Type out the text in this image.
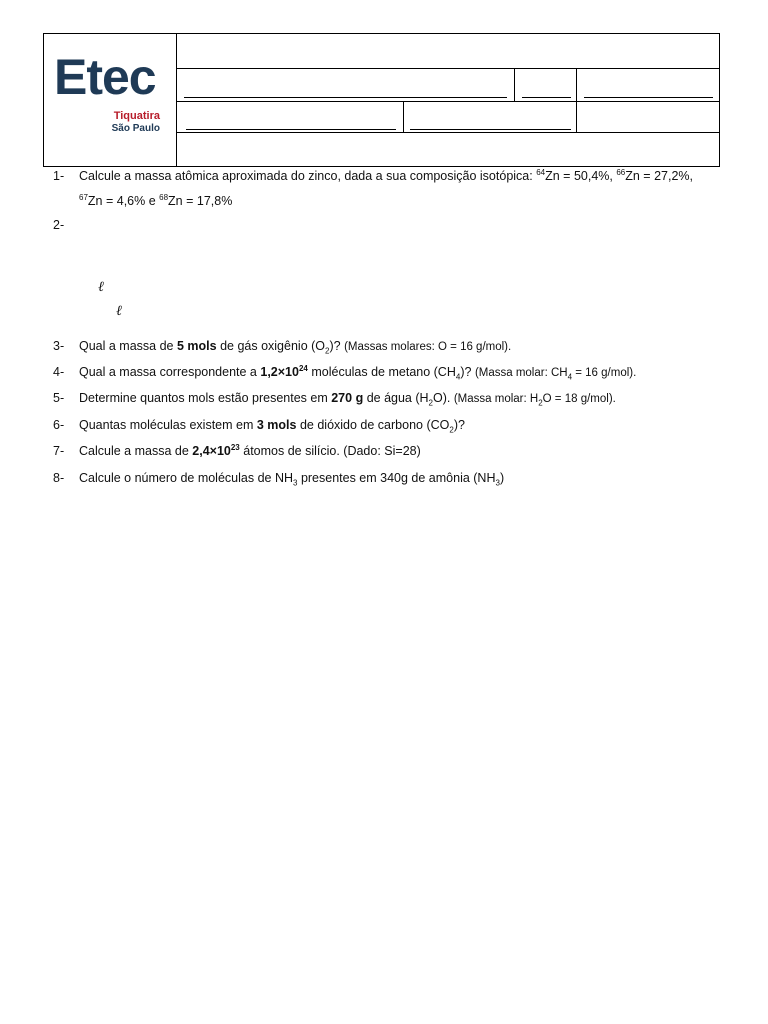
Etec
Tiquatira
São Paulo
1- Calcule a massa atômica aproximada do zinco, dada a sua composição isotópica: $^{64}$Zn = 50,4%, $^{66}$Zn = 27,2%,
$^{67}$Zn = 4,6% e $^{68}$Zn = 17,8%
2-
ℓ
ℓ
3- Qual a massa de 5 mols de gás oxigênio $(O_2)$? (Massas molares: O = 16 g/mol).
4- Qual a massa correspondente a $1,2\times 10^{24}$ moléculas de metano $(CH_4)$? (Massa molar: $CH_4 = 16$ g/mol).
5- Determine quantos mols estão presentes em 270 g de água $(H_2O)$. (Massa molar: $H_2O = 18$ g/mol).
6- Quantas moléculas existem em 3 mols de dióxido de carbono $(CO_2)$?
7- Calcule a massa de $2,4\times 10^{23}$ átomos de silício. (Dado: Si=28)
8- Calcule o número de moléculas de $NH_3$ presentes em 340g de amônia $(NH_3)$
